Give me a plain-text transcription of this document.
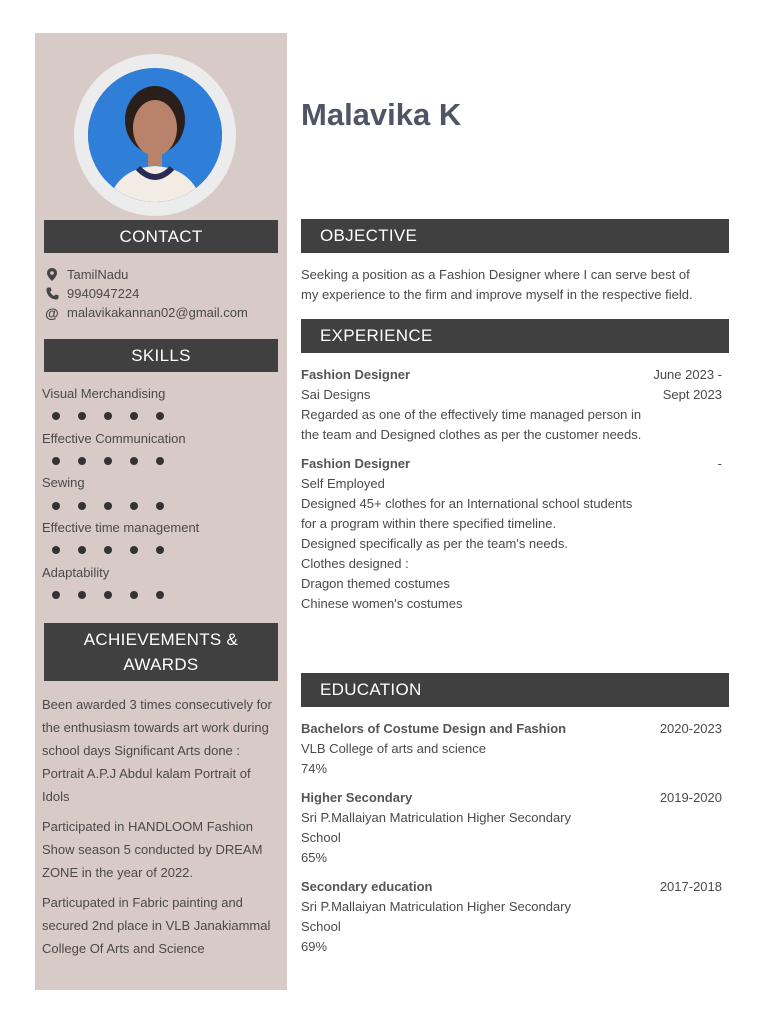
CONTACT
TamilNadu
9940947224
@ malavikakannan02@gmail.com
SKILLS
Visual Merchandising
Effective Communication
Sewing
Effective time management
Adaptability
ACHIEVEMENTS &
AWARDS
Been awarded 3 times consecutively for the enthusiasm towards art work during school days Significant Arts done : Portrait A.P.J Abdul kalam Portrait of Idols
Participated in HANDLOOM Fashion Show season 5 conducted by DREAM ZONE in the year of 2022.
Particupated in Fabric painting and secured 2nd place in VLB Janakiammal College Of Arts and Science
Malavika K
OBJECTIVE
Seeking a position as a Fashion Designer where I can serve best of
my experience to the firm and improve myself in the respective field.
EXPERIENCE
Fashion Designer
Sai Designs
Regarded as one of the effectively time managed person in
the team and Designed clothes as per the customer needs.
June 2023 -
Sept 2023
Fashion Designer
Self Employed
Designed 45+ clothes for an International school students
for a program within there specified timeline.
Designed specifically as per the team's needs.
Clothes designed :
Dragon themed costumes
Chinese women's costumes
-
EDUCATION
Bachelors of Costume Design and Fashion
VLB College of arts and science
74%
2020-2023
Higher Secondary
Sri P.Mallaiyan Matriculation Higher Secondary
School
65%
2019-2020
Secondary education
Sri P.Mallaiyan Matriculation Higher Secondary
School
69%
2017-2018
